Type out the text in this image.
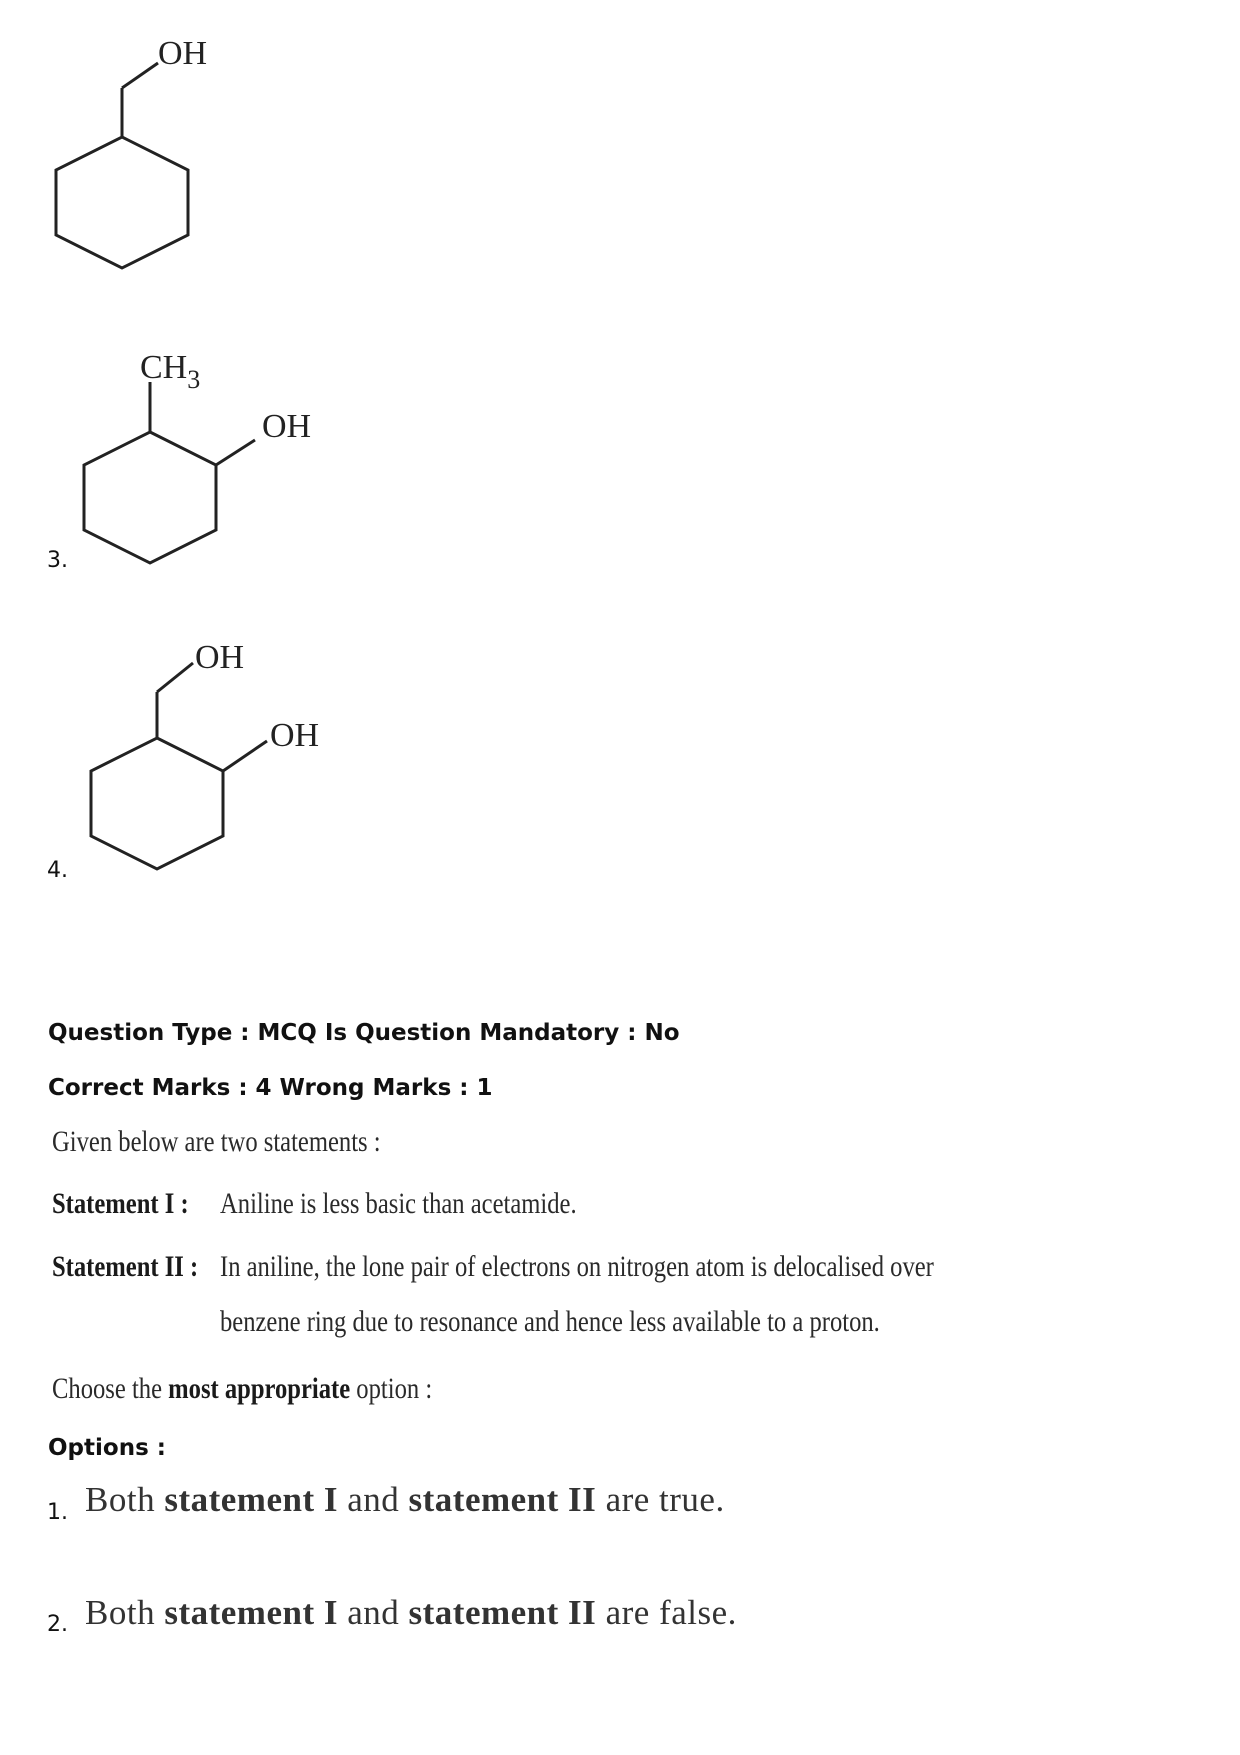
OH
3.
$CH_3$
OH
4.
OH
OH
Question Type : MCQ Is Question Mandatory : No
Correct Marks : 4 Wrong Marks : 1
Given below are two statements :
Statement I : Aniline is less basic than acetamide.
Statement II : In aniline, the lone pair of electrons on nitrogen atom is delocalised over
benzene ring due to resonance and hence less available to a proton.
Choose the most appropriate option :
Options :
1. Both statement I and statement II are true.
2. Both statement I and statement II are false.
